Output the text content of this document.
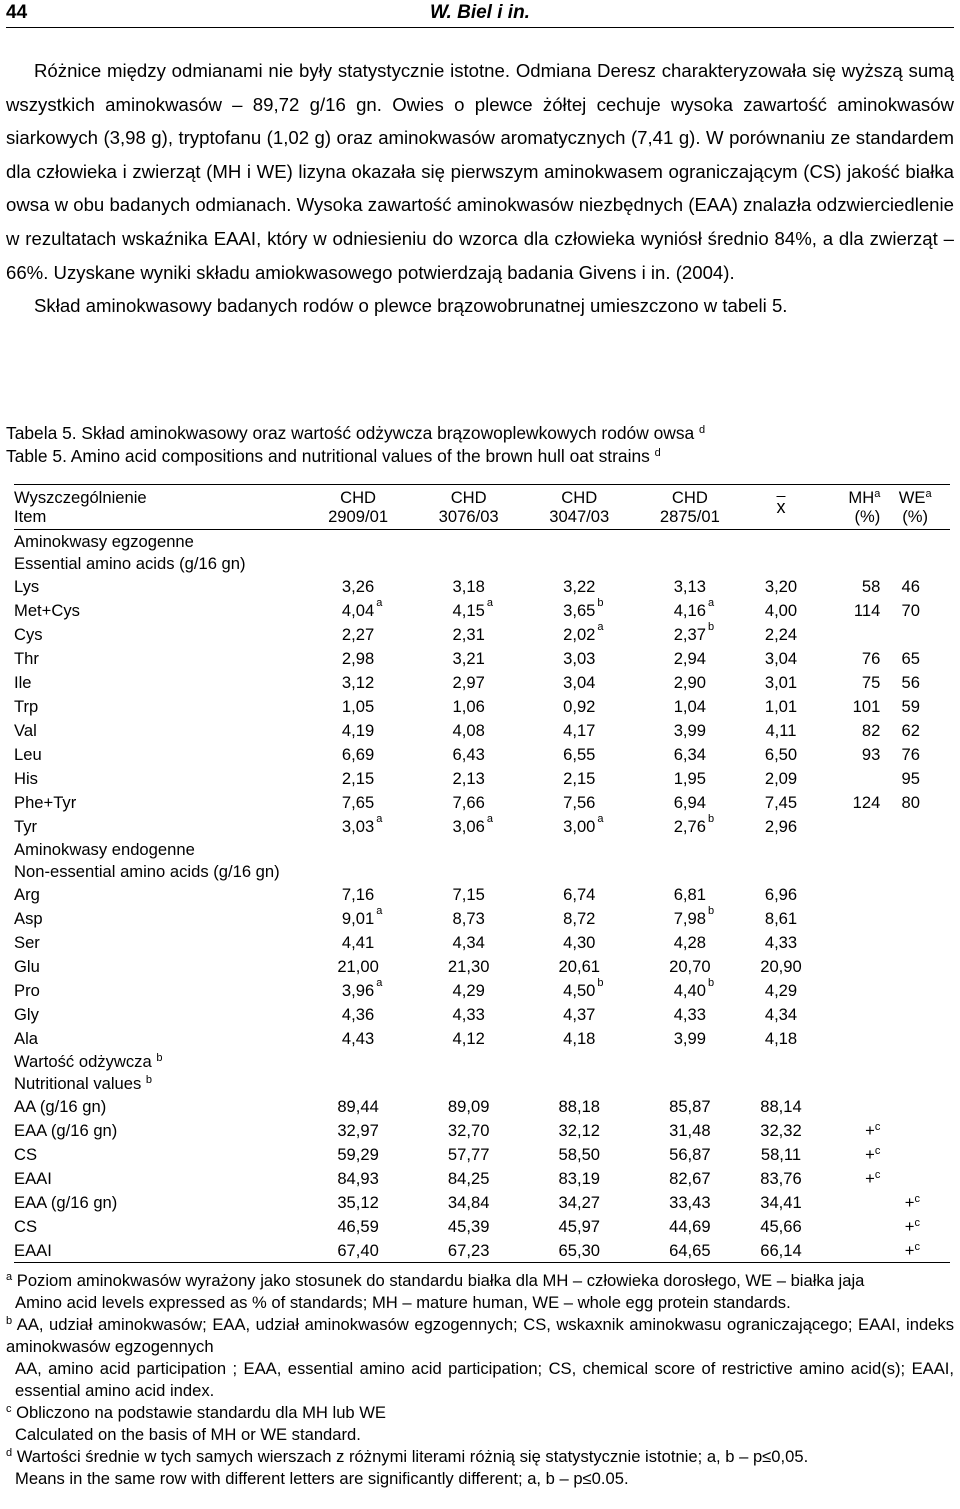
44	W. Biel i in.

Różnice między odmianami nie były statystycznie istotne. Odmiana Deresz charakteryzowała się wyższą sumą wszystkich aminokwasów – 89,72 g/16 gn. Owies o plewce żółtej cechuje wysoka zawartość aminokwasów siarkowych (3,98 g), tryptofanu (1,02 g) oraz aminokwasów aromatycznych (7,41 g). W porównaniu ze standardem dla człowieka i zwierząt (MH i WE) lizyna okazała się pierwszym aminokwasem ograniczającym (CS) jakość białka owsa w obu badanych odmianach. Wysoka zawartość aminokwasów niezbędnych (EAA) znalazła odzwierciedlenie w rezultatach wskaźnika EAAI, który w odniesieniu do wzorca dla człowieka wyniósł średnio 84%, a dla zwierząt – 66%. Uzyskane wyniki składu amiokwasowego potwierdzają badania Givens i in. (2004).

Skład aminokwasowy badanych rodów o plewce brązowobrunatnej umieszczono w tabeli 5.

Tabela 5. Skład aminokwasowy oraz wartość odżywcza brązowoplewkowych rodów owsa $^d$
Table 5. Amino acid compositions and nutritional values of the brown hull oat strains $^d$
Wyszczególnienie	CHD	CHD	CHD	CHD	$\overline{x}$	$MH^a$	$WE^a$
Item	2909/01	3076/03	3047/03	2875/01		(%)	(%)
Aminokwasy egzogenne							
Essential amino acids (g/16 gn)							
Lys	3,26	3,18	3,22	3,13	3,20	58	46
Met+Cys	4,04 a	4,15 a	3,65 b	4,16 a	4,00	114	70
Cys	2,27	2,31	2,02 a	2,37 b	2,24		
Thr	2,98	3,21	3,03	2,94	3,04	76	65
Ile	3,12	2,97	3,04	2,90	3,01	75	56
Trp	1,05	1,06	0,92	1,04	1,01	101	59
Val	4,19	4,08	4,17	3,99	4,11	82	62
Leu	6,69	6,43	6,55	6,34	6,50	93	76
His	2,15	2,13	2,15	1,95	2,09		95
Phe+Tyr	7,65	7,66	7,56	6,94	7,45	124	80
Tyr	3,03 a	3,06 a	3,00 a	2,76 b	2,96		
Aminokwasy endogenne							
Non-essential amino acids (g/16 gn)							
Arg	7,16	7,15	6,74	6,81	6,96		
Asp	9,01 a	8,73	8,72	7,98 b	8,61		
Ser	4,41	4,34	4,30	4,28	4,33		
Glu	21,00	21,30	20,61	20,70	20,90		
Pro	3,96 a	4,29	4,50 b	4,40 b	4,29		
Gly	4,36	4,33	4,37	4,33	4,34		
Ala	4,43	4,12	4,18	3,99	4,18		
Wartość odżywcza $^b$
Nutritional values $^b$
AA (g/16 gn)	89,44	89,09	88,18	85,87	88,14		
EAA (g/16 gn)	32,97	32,70	32,12	31,48	32,32	+$^c$	
CS	59,29	57,77	58,50	56,87	58,11	+$^c$	
EAAI	84,93	84,25	83,19	82,67	83,76	+$^c$	
EAA (g/16 gn)	35,12	34,84	34,27	33,43	34,41		+$^c$
CS	46,59	45,39	45,97	44,69	45,66		+$^c$
EAAI	67,40	67,23	65,30	64,65	66,14		+$^c$

$^a$ Poziom aminokwasów wyrażony jako stosunek do standardu białka dla MH – człowieka dorosłego, WE – białka jaja

Amino acid levels expressed as % of standards; MH – mature human, WE – whole egg protein standards.

$^b$ AA, udział aminokwasów; EAA, udział aminokwasów egzogennych; CS, wskaxnik aminokwasu ograniczającego; EAAI, indeks aminokwasów egzogennych

AA, amino acid participation ; EAA, essential amino acid participation; CS, chemical score of restrictive amino acid(s); EAAI, essential amino acid index.

$^c$ Obliczono na podstawie standardu dla MH lub WE

Calculated on the basis of MH or WE standard.

$^d$ Wartości średnie w tych samych wierszach z różnymi literami różnią się statystycznie istotnie; a, b – p≤0,05.

Means in the same row with different letters are significantly different; a, b – p≤0.05.
